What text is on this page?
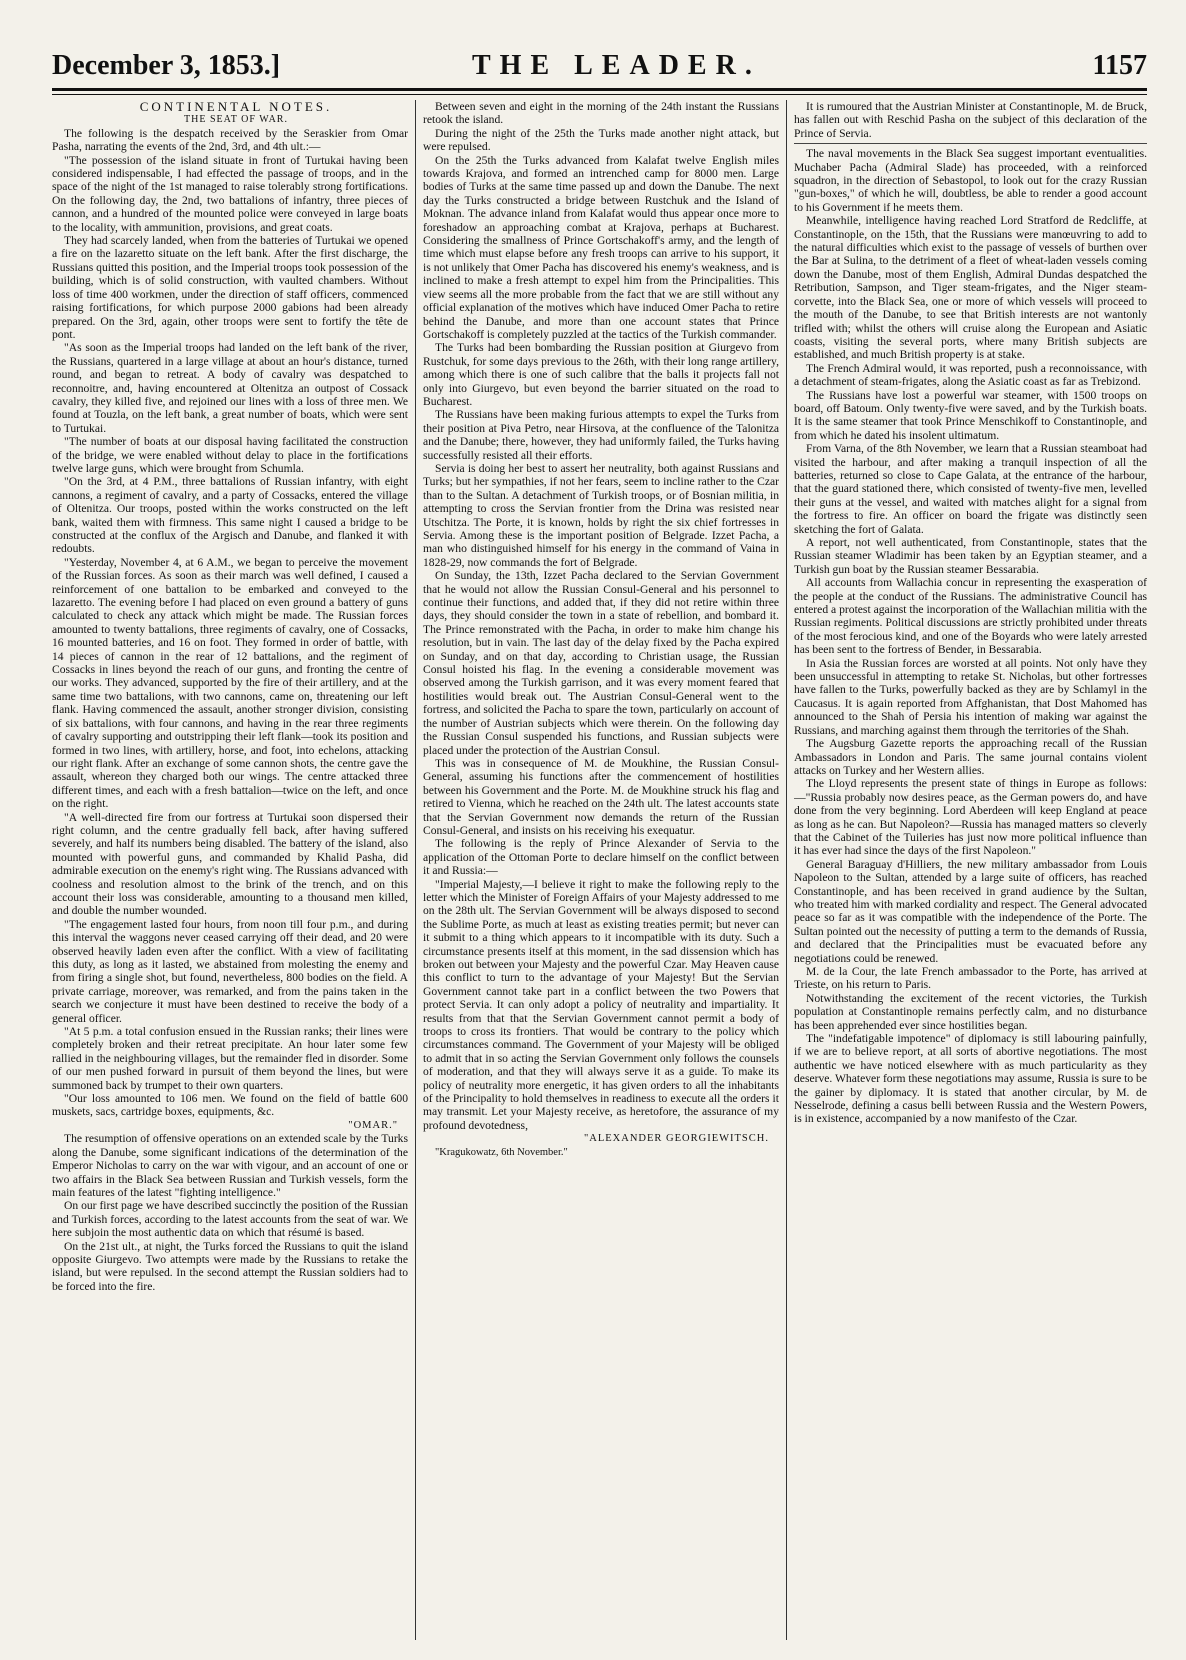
December 3, 1853.]	THE LEADER.	1157

CONTINENTAL NOTES.

THE SEAT OF WAR.

The following is the despatch received by the Seraskier from Omar Pasha, narrating the events of the 2nd, 3rd, and 4th ult.:—

"The possession of the island situate in front of Turtukai having been considered indispensable, I had effected the passage of troops, and in the space of the night of the 1st managed to raise tolerably strong fortifications. On the following day, the 2nd, two battalions of infantry, three pieces of cannon, and a hundred of the mounted police were conveyed in large boats to the locality, with ammunition, provisions, and great coats.

They had scarcely landed, when from the batteries of Turtukai we opened a fire on the lazaretto situate on the left bank. After the first discharge, the Russians quitted this position, and the Imperial troops took possession of the building, which is of solid construction, with vaulted chambers. Without loss of time 400 workmen, under the direction of staff officers, commenced raising fortifications, for which purpose 2000 gabions had been already prepared. On the 3rd, again, other troops were sent to fortify the tête de pont.

"As soon as the Imperial troops had landed on the left bank of the river, the Russians, quartered in a large village at about an hour's distance, turned round, and began to retreat. A body of cavalry was despatched to reconnoitre, and, having encountered at Oltenitza an outpost of Cossack cavalry, they killed five, and rejoined our lines with a loss of three men. We found at Touzla, on the left bank, a great number of boats, which were sent to Turtukai.

"The number of boats at our disposal having facilitated the construction of the bridge, we were enabled without delay to place in the fortifications twelve large guns, which were brought from Schumla.

"On the 3rd, at 4 P.M., three battalions of Russian infantry, with eight cannons, a regiment of cavalry, and a party of Cossacks, entered the village of Oltenitza. Our troops, posted within the works constructed on the left bank, waited them with firmness. This same night I caused a bridge to be constructed at the conflux of the Argisch and Danube, and flanked it with redoubts.

"Yesterday, November 4, at 6 A.M., we began to perceive the movement of the Russian forces. As soon as their march was well defined, I caused a reinforcement of one battalion to be embarked and conveyed to the lazaretto. The evening before I had placed on even ground a battery of guns calculated to check any attack which might be made. The Russian forces amounted to twenty battalions, three regiments of cavalry, one of Cossacks, 16 mounted batteries, and 16 on foot. They formed in order of battle, with 14 pieces of cannon in the rear of 12 battalions, and the regiment of Cossacks in lines beyond the reach of our guns, and fronting the centre of our works. They advanced, supported by the fire of their artillery, and at the same time two battalions, with two cannons, came on, threatening our left flank. Having commenced the assault, another stronger division, consisting of six battalions, with four cannons, and having in the rear three regiments of cavalry supporting and outstripping their left flank—took its position and formed in two lines, with artillery, horse, and foot, into echelons, attacking our right flank. After an exchange of some cannon shots, the centre gave the assault, whereon they charged both our wings. The centre attacked three different times, and each with a fresh battalion—twice on the left, and once on the right.

"A well-directed fire from our fortress at Turtukai soon dispersed their right column, and the centre gradually fell back, after having suffered severely, and half its numbers being disabled. The battery of the island, also mounted with powerful guns, and commanded by Khalid Pasha, did admirable execution on the enemy's right wing. The Russians advanced with coolness and resolution almost to the brink of the trench, and on this account their loss was considerable, amounting to a thousand men killed, and double the number wounded.

"The engagement lasted four hours, from noon till four p.m., and during this interval the waggons never ceased carrying off their dead, and 20 were observed heavily laden even after the conflict. With a view of facilitating this duty, as long as it lasted, we abstained from molesting the enemy and from firing a single shot, but found, nevertheless, 800 bodies on the field. A private carriage, moreover, was remarked, and from the pains taken in the search we conjecture it must have been destined to receive the body of a general officer.

"At 5 p.m. a total confusion ensued in the Russian ranks; their lines were completely broken and their retreat precipitate. An hour later some few rallied in the neighbouring villages, but the remainder fled in disorder. Some of our men pushed forward in pursuit of them beyond the lines, but were summoned back by trumpet to their own quarters.

"Our loss amounted to 106 men. We found on the field of battle 600 muskets, sacs, cartridge boxes, equipments, &c.

"OMAR."

The resumption of offensive operations on an extended scale by the Turks along the Danube, some significant indications of the determination of the Emperor Nicholas to carry on the war with vigour, and an account of one or two affairs in the Black Sea between Russian and Turkish vessels, form the main features of the latest "fighting intelligence."

On our first page we have described succinctly the position of the Russian and Turkish forces, according to the latest accounts from the seat of war. We here subjoin the most authentic data on which that résumé is based.

On the 21st ult., at night, the Turks forced the Russians to quit the island opposite Giurgevo. Two attempts were made by the Russians to retake the island, but were repulsed. In the second attempt the Russian soldiers had to be forced into the fire.

Between seven and eight in the morning of the 24th instant the Russians retook the island.

During the night of the 25th the Turks made another night attack, but were repulsed.

On the 25th the Turks advanced from Kalafat twelve English miles towards Krajova, and formed an intrenched camp for 8000 men. Large bodies of Turks at the same time passed up and down the Danube. The next day the Turks constructed a bridge between Rustchuk and the Island of Moknan. The advance inland from Kalafat would thus appear once more to foreshadow an approaching combat at Krajova, perhaps at Bucharest. Considering the smallness of Prince Gortschakoff's army, and the length of time which must elapse before any fresh troops can arrive to his support, it is not unlikely that Omer Pacha has discovered his enemy's weakness, and is inclined to make a fresh attempt to expel him from the Principalities. This view seems all the more probable from the fact that we are still without any official explanation of the motives which have induced Omer Pacha to retire behind the Danube, and more than one account states that Prince Gortschakoff is completely puzzled at the tactics of the Turkish commander.

The Turks had been bombarding the Russian position at Giurgevo from Rustchuk, for some days previous to the 26th, with their long range artillery, among which there is one of such calibre that the balls it projects fall not only into Giurgevo, but even beyond the barrier situated on the road to Bucharest.

The Russians have been making furious attempts to expel the Turks from their position at Piva Petro, near Hirsova, at the confluence of the Talonitza and the Danube; there, however, they had uniformly failed, the Turks having successfully resisted all their efforts.

Servia is doing her best to assert her neutrality, both against Russians and Turks; but her sympathies, if not her fears, seem to incline rather to the Czar than to the Sultan. A detachment of Turkish troops, or of Bosnian militia, in attempting to cross the Servian frontier from the Drina was resisted near Utschitza. The Porte, it is known, holds by right the six chief fortresses in Servia. Among these is the important position of Belgrade. Izzet Pacha, a man who distinguished himself for his energy in the command of Vaina in 1828-29, now commands the fort of Belgrade.

On Sunday, the 13th, Izzet Pacha declared to the Servian Government that he would not allow the Russian Consul-General and his personnel to continue their functions, and added that, if they did not retire within three days, they should consider the town in a state of rebellion, and bombard it. The Prince remonstrated with the Pacha, in order to make him change his resolution, but in vain. The last day of the delay fixed by the Pacha expired on Sunday, and on that day, according to Christian usage, the Russian Consul hoisted his flag. In the evening a considerable movement was observed among the Turkish garrison, and it was every moment feared that hostilities would break out. The Austrian Consul-General went to the fortress, and solicited the Pacha to spare the town, particularly on account of the number of Austrian subjects which were therein. On the following day the Russian Consul suspended his functions, and Russian subjects were placed under the protection of the Austrian Consul.

This was in consequence of M. de Moukhine, the Russian Consul-General, assuming his functions after the commencement of hostilities between his Government and the Porte. M. de Moukhine struck his flag and retired to Vienna, which he reached on the 24th ult. The latest accounts state that the Servian Government now demands the return of the Russian Consul-General, and insists on his receiving his exequatur.

The following is the reply of Prince Alexander of Servia to the application of the Ottoman Porte to declare himself on the conflict between it and Russia:—

"Imperial Majesty,—I believe it right to make the following reply to the letter which the Minister of Foreign Affairs of your Majesty addressed to me on the 28th ult. The Servian Government will be always disposed to second the Sublime Porte, as much at least as existing treaties permit; but never can it submit to a thing which appears to it incompatible with its duty. Such a circumstance presents itself at this moment, in the sad dissension which has broken out between your Majesty and the powerful Czar. May Heaven cause this conflict to turn to the advantage of your Majesty! But the Servian Government cannot take part in a conflict between the two Powers that protect Servia. It can only adopt a policy of neutrality and impartiality. It results from that that the Servian Government cannot permit a body of troops to cross its frontiers. That would be contrary to the policy which circumstances command. The Government of your Majesty will be obliged to admit that in so acting the Servian Government only follows the counsels of moderation, and that they will always serve it as a guide. To make its policy of neutrality more energetic, it has given orders to all the inhabitants of the Principality to hold themselves in readiness to execute all the orders it may transmit. Let your Majesty receive, as heretofore, the assurance of my profound devotedness,

"ALEXANDER GEORGIEWITSCH.

"Kragukowatz, 6th November."

It is rumoured that the Austrian Minister at Constantinople, M. de Bruck, has fallen out with Reschid Pasha on the subject of this declaration of the Prince of Servia.

The naval movements in the Black Sea suggest important eventualities. Muchaber Pacha (Admiral Slade) has proceeded, with a reinforced squadron, in the direction of Sebastopol, to look out for the crazy Russian "gun-boxes," of which he will, doubtless, be able to render a good account to his Government if he meets them.

Meanwhile, intelligence having reached Lord Stratford de Redcliffe, at Constantinople, on the 15th, that the Russians were manœuvring to add to the natural difficulties which exist to the passage of vessels of burthen over the Bar at Sulina, to the detriment of a fleet of wheat-laden vessels coming down the Danube, most of them English, Admiral Dundas despatched the Retribution, Sampson, and Tiger steam-frigates, and the Niger steam-corvette, into the Black Sea, one or more of which vessels will proceed to the mouth of the Danube, to see that British interests are not wantonly trifled with; whilst the others will cruise along the European and Asiatic coasts, visiting the several ports, where many British subjects are established, and much British property is at stake.

The French Admiral would, it was reported, push a reconnoissance, with a detachment of steam-frigates, along the Asiatic coast as far as Trebizond.

The Russians have lost a powerful war steamer, with 1500 troops on board, off Batoum. Only twenty-five were saved, and by the Turkish boats. It is the same steamer that took Prince Menschikoff to Constantinople, and from which he dated his insolent ultimatum.

From Varna, of the 8th November, we learn that a Russian steamboat had visited the harbour, and after making a tranquil inspection of all the batteries, returned so close to Cape Galata, at the entrance of the harbour, that the guard stationed there, which consisted of twenty-five men, levelled their guns at the vessel, and waited with matches alight for a signal from the fortress to fire. An officer on board the frigate was distinctly seen sketching the fort of Galata.

A report, not well authenticated, from Constantinople, states that the Russian steamer Wladimir has been taken by an Egyptian steamer, and a Turkish gun boat by the Russian steamer Bessarabia.

All accounts from Wallachia concur in representing the exasperation of the people at the conduct of the Russians. The administrative Council has entered a protest against the incorporation of the Wallachian militia with the Russian regiments. Political discussions are strictly prohibited under threats of the most ferocious kind, and one of the Boyards who were lately arrested has been sent to the fortress of Bender, in Bessarabia.

In Asia the Russian forces are worsted at all points. Not only have they been unsuccessful in attempting to retake St. Nicholas, but other fortresses have fallen to the Turks, powerfully backed as they are by Schlamyl in the Caucasus. It is again reported from Affghanistan, that Dost Mahomed has announced to the Shah of Persia his intention of making war against the Russians, and marching against them through the territories of the Shah.

The Augsburg Gazette reports the approaching recall of the Russian Ambassadors in London and Paris. The same journal contains violent attacks on Turkey and her Western allies.

The Lloyd represents the present state of things in Europe as follows:—"Russia probably now desires peace, as the German powers do, and have done from the very beginning. Lord Aberdeen will keep England at peace as long as he can. But Napoleon?—Russia has managed matters so cleverly that the Cabinet of the Tuileries has just now more political influence than it has ever had since the days of the first Napoleon."

General Baraguay d'Hilliers, the new military ambassador from Louis Napoleon to the Sultan, attended by a large suite of officers, has reached Constantinople, and has been received in grand audience by the Sultan, who treated him with marked cordiality and respect. The General advocated peace so far as it was compatible with the independence of the Porte. The Sultan pointed out the necessity of putting a term to the demands of Russia, and declared that the Principalities must be evacuated before any negotiations could be renewed.

M. de la Cour, the late French ambassador to the Porte, has arrived at Trieste, on his return to Paris.

Notwithstanding the excitement of the recent victories, the Turkish population at Constantinople remains perfectly calm, and no disturbance has been apprehended ever since hostilities began.

The "indefatigable impotence" of diplomacy is still labouring painfully, if we are to believe report, at all sorts of abortive negotiations. The most authentic we have noticed elsewhere with as much particularity as they deserve. Whatever form these negotiations may assume, Russia is sure to be the gainer by diplomacy. It is stated that another circular, by M. de Nesselrode, defining a casus belli between Russia and the Western Powers, is in existence, accompanied by a now manifesto of the Czar.
